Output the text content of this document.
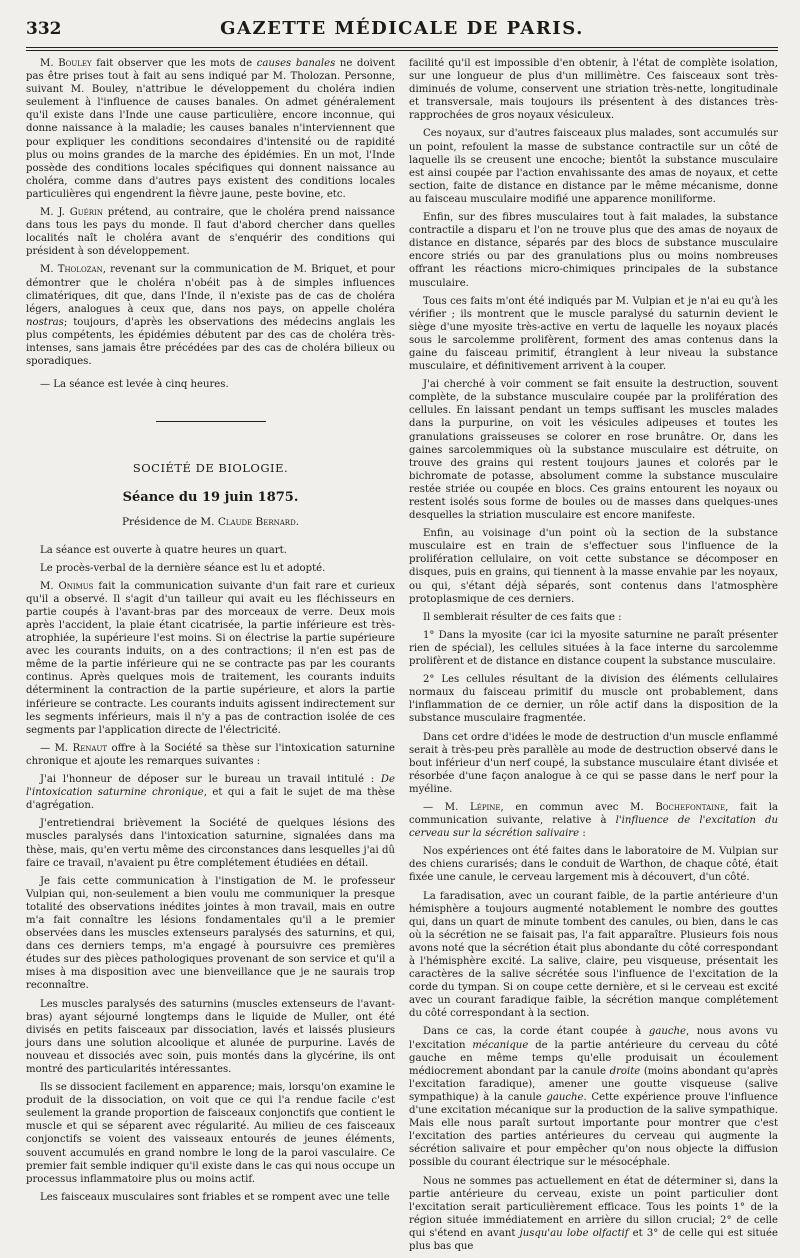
332	GAZETTE MÉDICALE DE PARIS.

M. Bouley fait observer que les mots de causes banales ne doivent pas être prises tout à fait au sens indiqué par M. Tholozan. Personne, suivant M. Bouley, n'attribue le développement du choléra indien seulement à l'influence de causes banales. On admet généralement qu'il existe dans l'Inde une cause particulière, encore inconnue, qui donne naissance à la maladie; les causes banales n'interviennent que pour expliquer les conditions secondaires d'intensité ou de rapidité plus ou moins grandes de la marche des épidémies. En un mot, l'Inde possède des conditions locales spécifiques qui donnent naissance au choléra, comme dans d'autres pays existent des conditions locales particulières qui engendrent la fièvre jaune, peste bovine, etc.

M. J. Guérin prétend, au contraire, que le choléra prend naissance dans tous les pays du monde. Il faut d'abord chercher dans quelles localités naît le choléra avant de s'enquérir des conditions qui président à son développement.

M. Tholozan, revenant sur la communication de M. Briquet, et pour démontrer que le choléra n'obéit pas à de simples influences climatériques, dit que, dans l'Inde, il n'existe pas de cas de choléra légers, analogues à ceux que, dans nos pays, on appelle choléra nostras; toujours, d'après les observations des médecins anglais les plus compétents, les épidémies débutent par des cas de choléra très-intenses, sans jamais être précédées par des cas de choléra bilieux ou sporadiques.

— La séance est levée à cinq heures.

SOCIÉTÉ DE BIOLOGIE.
Séance du 19 juin 1875.
Présidence de M. Claude Bernard.

La séance est ouverte à quatre heures un quart.

Le procès-verbal de la dernière séance est lu et adopté.

M. Onimus fait la communication suivante d'un fait rare et curieux qu'il a observé. Il s'agit d'un tailleur qui avait eu les fléchisseurs en partie coupés à l'avant-bras par des morceaux de verre. Deux mois après l'accident, la plaie étant cicatrisée, la partie inférieure est très-atrophiée, la supérieure l'est moins. Si on électrise la partie supérieure avec les courants induits, on a des contractions; il n'en est pas de même de la partie inférieure qui ne se contracte pas par les courants continus. Après quelques mois de traitement, les courants induits déterminent la contraction de la partie supérieure, et alors la partie inférieure se contracte. Les courants induits agissent indirectement sur les segments inférieurs, mais il n'y a pas de contraction isolée de ces segments par l'application directe de l'électricité.

— M. Renaut offre à la Société sa thèse sur l'intoxication saturnine chronique et ajoute les remarques suivantes :

J'ai l'honneur de déposer sur le bureau un travail intitulé : De l'intoxication saturnine chronique, et qui a fait le sujet de ma thèse d'agrégation.

J'entretiendrai brièvement la Société de quelques lésions des muscles paralysés dans l'intoxication saturnine, signalées dans ma thèse, mais, qu'en vertu même des circonstances dans lesquelles j'ai dû faire ce travail, n'avaient pu être complétement étudiées en détail.

Je fais cette communication à l'instigation de M. le professeur Vulpian qui, non-seulement a bien voulu me communiquer la presque totalité des observations inédites jointes à mon travail, mais en outre m'a fait connaître les lésions fondamentales qu'il a le premier observées dans les muscles extenseurs paralysés des saturnins, et qui, dans ces derniers temps, m'a engagé à poursuivre ces premières études sur des pièces pathologiques provenant de son service et qu'il a mises à ma disposition avec une bienveillance que je ne saurais trop reconnaître.

Les muscles paralysés des saturnins (muscles extenseurs de l'avant-bras) ayant séjourné longtemps dans le liquide de Muller, ont été divisés en petits faisceaux par dissociation, lavés et laissés plusieurs jours dans une solution alcoolique et alunée de purpurine. Lavés de nouveau et dissociés avec soin, puis montés dans la glycérine, ils ont montré des particularités intéressantes.

Ils se dissocient facilement en apparence; mais, lorsqu'on examine le produit de la dissociation, on voit que ce qui l'a rendue facile c'est seulement la grande proportion de faisceaux conjonctifs que contient le muscle et qui se séparent avec régularité. Au milieu de ces faisceaux conjonctifs se voient des vaisseaux entourés de jeunes éléments, souvent accumulés en grand nombre le long de la paroi vasculaire. Ce premier fait semble indiquer qu'il existe dans le cas qui nous occupe un processus inflammatoire plus ou moins actif.

Les faisceaux musculaires sont friables et se rompent avec une telle

facilité qu'il est impossible d'en obtenir, à l'état de complète isolation, sur une longueur de plus d'un millimètre. Ces faisceaux sont très-diminués de volume, conservent une striation très-nette, longitudinale et transversale, mais toujours ils présentent à des distances très-rapprochées de gros noyaux vésiculeux.

Ces noyaux, sur d'autres faisceaux plus malades, sont accumulés sur un point, refoulent la masse de substance contractile sur un côté de laquelle ils se creusent une encoche; bientôt la substance musculaire est ainsi coupée par l'action envahissante des amas de noyaux, et cette section, faite de distance en distance par le même mécanisme, donne au faisceau musculaire modifié une apparence moniliforme.

Enfin, sur des fibres musculaires tout à fait malades, la substance contractile a disparu et l'on ne trouve plus que des amas de noyaux de distance en distance, séparés par des blocs de substance musculaire encore striés ou par des granulations plus ou moins nombreuses offrant les réactions micro-chimiques principales de la substance musculaire.

Tous ces faits m'ont été indiqués par M. Vulpian et je n'ai eu qu'à les vérifier ; ils montrent que le muscle paralysé du saturnin devient le siège d'une myosite très-active en vertu de laquelle les noyaux placés sous le sarcolemme prolifèrent, forment des amas contenus dans la gaine du faisceau primitif, étranglent à leur niveau la substance musculaire, et définitivement arrivent à la couper.

J'ai cherché à voir comment se fait ensuite la destruction, souvent complète, de la substance musculaire coupée par la prolifération des cellules. En laissant pendant un temps suffisant les muscles malades dans la purpurine, on voit les vésicules adipeuses et toutes les granulations graisseuses se colorer en rose brunâtre. Or, dans les gaines sarcolemmiques où la substance musculaire est détruite, on trouve des grains qui restent toujours jaunes et colorés par le bichromate de potasse, absolument comme la substance musculaire restée striée ou coupée en blocs. Ces grains entourent les noyaux ou restent isolés sous forme de boules ou de masses dans quelques-unes desquelles la striation musculaire est encore manifeste.

Enfin, au voisinage d'un point où la section de la substance musculaire est en train de s'effectuer sous l'influence de la prolifération cellulaire, on voit cette substance se décomposer en disques, puis en grains, qui tiennent à la masse envahie par les noyaux, ou qui, s'étant déjà séparés, sont contenus dans l'atmosphère protoplasmique de ces derniers.

Il semblerait résulter de ces faits que :

1° Dans la myosite (car ici la myosite saturnine ne paraît présenter rien de spécial), les cellules situées à la face interne du sarcolemme prolifèrent et de distance en distance coupent la substance musculaire.

2° Les cellules résultant de la division des éléments cellulaires normaux du faisceau primitif du muscle ont probablement, dans l'inflammation de ce dernier, un rôle actif dans la disposition de la substance musculaire fragmentée.

Dans cet ordre d'idées le mode de destruction d'un muscle enflammé serait à très-peu près parallèle au mode de destruction observé dans le bout inférieur d'un nerf coupé, la substance musculaire étant divisée et résorbée d'une façon analogue à ce qui se passe dans le nerf pour la myéline.

— M. Lépine, en commun avec M. Bochefontaine, fait la communication suivante, relative à l'influence de l'excitation du cerveau sur la sécrétion salivaire :

Nos expériences ont été faites dans le laboratoire de M. Vulpian sur des chiens curarisés; dans le conduit de Warthon, de chaque côté, était fixée une canule, le cerveau largement mis à découvert, d'un côté.

La faradisation, avec un courant faible, de la partie antérieure d'un hémisphère a toujours augmenté notablement le nombre des gouttes qui, dans un quart de minute tombent des canules, ou bien, dans le cas où la sécrétion ne se faisait pas, l'a fait apparaître. Plusieurs fois nous avons noté que la sécrétion était plus abondante du côté correspondant à l'hémisphère excité. La salive, claire, peu visqueuse, présentait les caractères de la salive sécrétée sous l'influence de l'excitation de la corde du tympan. Si on coupe cette dernière, et si le cerveau est excité avec un courant faradique faible, la sécrétion manque complétement du côté correspondant à la section.

Dans ce cas, la corde étant coupée à gauche, nous avons vu l'excitation mécanique de la partie antérieure du cerveau du côté gauche en même temps qu'elle produisait un écoulement médiocrement abondant par la canule droite (moins abondant qu'après l'excitation faradique), amener une goutte visqueuse (salive sympathique) à la canule gauche. Cette expérience prouve l'influence d'une excitation mécanique sur la production de la salive sympathique. Mais elle nous paraît surtout importante pour montrer que c'est l'excitation des parties antérieures du cerveau qui augmente la sécrétion salivaire et pour empêcher qu'on nous objecte la diffusion possible du courant électrique sur le mésocéphale.

Nous ne sommes pas actuellement en état de déterminer si, dans la partie antérieure du cerveau, existe un point particulier dont l'excitation serait particulièrement efficace. Tous les points 1° de la région située immédiatement en arrière du sillon crucial; 2° de celle qui s'étend en avant jusqu'au lobe olfactif et 3° de celle qui est située plus bas que
